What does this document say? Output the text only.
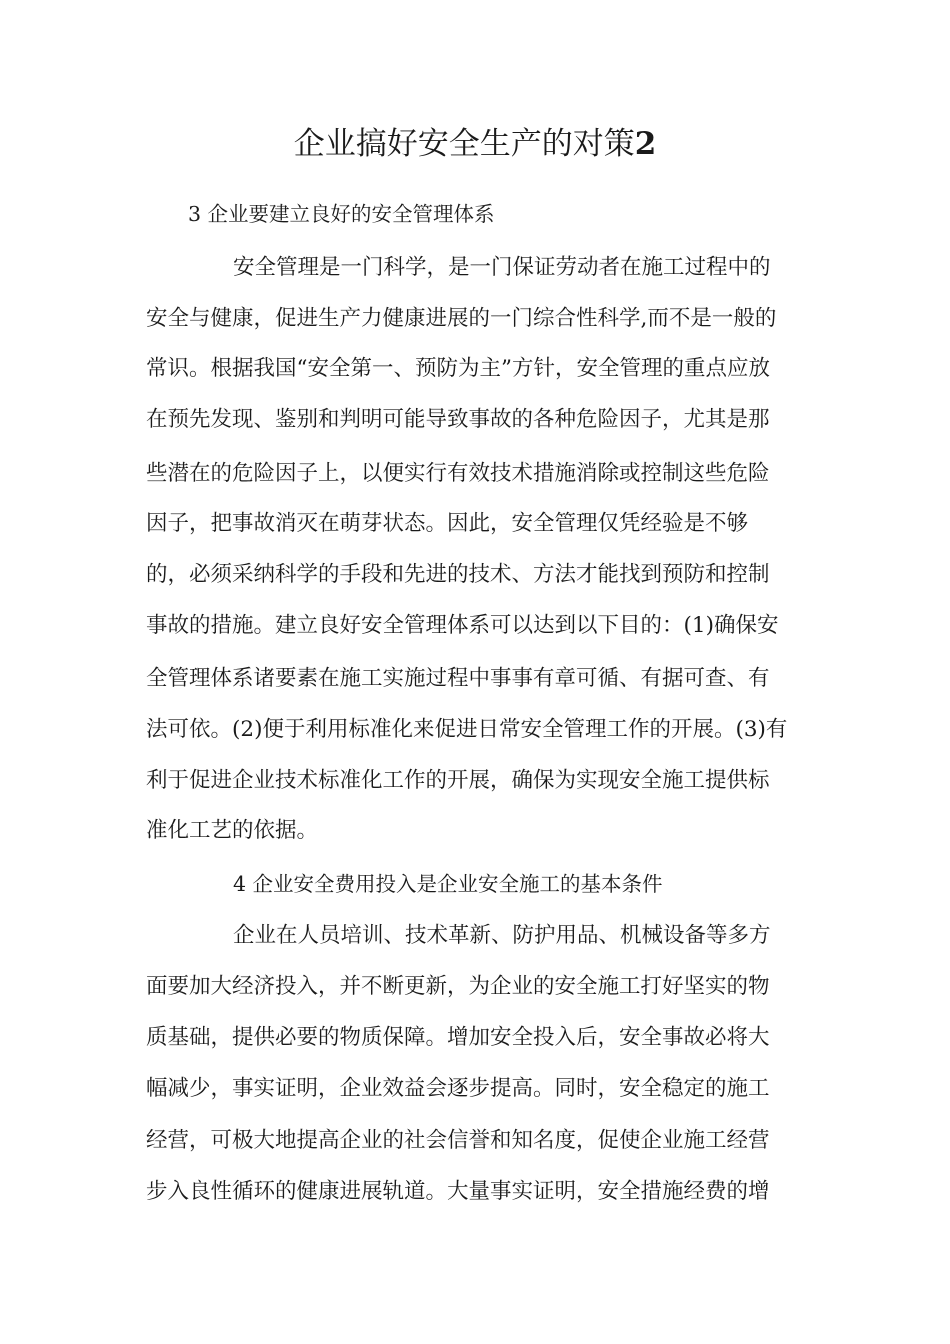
企业搞好安全生产的对策2

3 企业要建立良好的安全管理体系

安全管理是一门科学，是一门保证劳动者在施工过程中的

安全与健康，促进生产力健康进展的一门综合性科学,而不是一般的

常识。根据我国“安全第一、预防为主”方针，安全管理的重点应放

在预先发现、鉴别和判明可能导致事故的各种危险因子，尤其是那

些潜在的危险因子上，以便实行有效技术措施消除或控制这些危险

因子，把事故消灭在萌芽状态。因此，安全管理仅凭经验是不够

的，必须采纳科学的手段和先进的技术、方法才能找到预防和控制

事故的措施。建立良好安全管理体系可以达到以下目的：(1)确保安

全管理体系诸要素在施工实施过程中事事有章可循、有据可查、有

法可依。(2)便于利用标准化来促进日常安全管理工作的开展。(3)有

利于促进企业技术标准化工作的开展，确保为实现安全施工提供标

准化工艺的依据。

4 企业安全费用投入是企业安全施工的基本条件

企业在人员培训、技术革新、防护用品、机械设备等多方

面要加大经济投入，并不断更新，为企业的安全施工打好坚实的物

质基础，提供必要的物质保障。增加安全投入后，安全事故必将大

幅减少，事实证明，企业效益会逐步提高。同时，安全稳定的施工

经营，可极大地提高企业的社会信誉和知名度，促使企业施工经营

步入良性循环的健康进展轨道。大量事实证明，安全措施经费的增
